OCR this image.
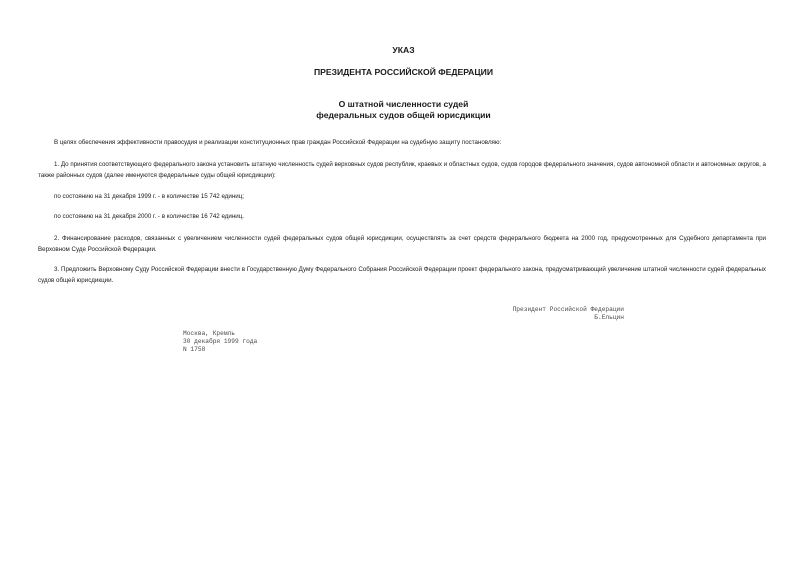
УКАЗ
ПРЕЗИДЕНТА РОССИЙСКОЙ ФЕДЕРАЦИИ
О штатной численности судей
федеральных судов общей юрисдикции
В целях обеспечения эффективности правосудия и реализации конституционных прав граждан Российской Федерации на судебную защиту постановляю:
1. До принятия соответствующего федерального закона установить штатную численность судей верховных судов республик, краевых и областных судов, судов городов федерального значения, судов автономной области и автономных округов, а также районных судов (далее именуются федеральные суды общей юрисдикции):
по состоянию на 31 декабря 1999 г. - в количестве 15 742 единиц;
по состоянию на 31 декабря 2000 г. - в количестве 16 742 единиц.
2. Финансирование расходов, связанных с увеличением численности судей федеральных судов общей юрисдикции, осуществлять за счет средств федерального бюджета на 2000 год, предусмотренных для Судебного департамента при Верховном Суде Российской Федерации.
3. Предложить Верховному Суду Российской Федерации внести в Государственную Думу Федерального Собрания Российской Федерации проект федерального закона, предусматривающий увеличение штатной численности судей федеральных судов общей юрисдикции.
Президент Российской Федерации
Б.Ельцин
Москва, Кремль
30 декабря 1999 года
N 1758
